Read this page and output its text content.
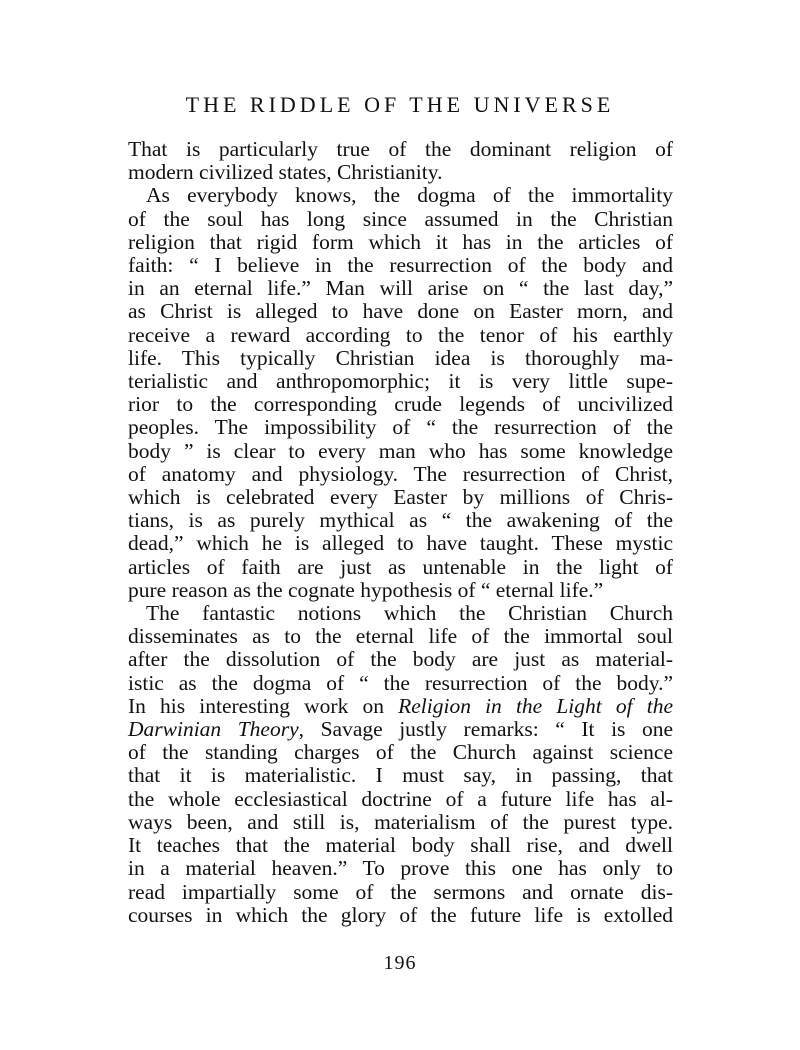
THE RIDDLE OF THE UNIVERSE
That is particularly true of the dominant religion of
modern civilized states, Christianity.
As everybody knows, the dogma of the immortality
of the soul has long since assumed in the Christian
religion that rigid form which it has in the articles of
faith: “ I believe in the resurrection of the body and
in an eternal life.” Man will arise on “ the last day,”
as Christ is alleged to have done on Easter morn, and
receive a reward according to the tenor of his earthly
life. This typically Christian idea is thoroughly ma-
terialistic and anthropomorphic; it is very little supe-
rior to the corresponding crude legends of uncivilized
peoples. The impossibility of “ the resurrection of the
body ” is clear to every man who has some knowledge
of anatomy and physiology. The resurrection of Christ,
which is celebrated every Easter by millions of Chris-
tians, is as purely mythical as “ the awakening of the
dead,” which he is alleged to have taught. These mystic
articles of faith are just as untenable in the light of
pure reason as the cognate hypothesis of “ eternal life.”
The fantastic notions which the Christian Church
disseminates as to the eternal life of the immortal soul
after the dissolution of the body are just as material-
istic as the dogma of “ the resurrection of the body.”
In his interesting work on Religion in the Light of the
Darwinian Theory, Savage justly remarks: “ It is one
of the standing charges of the Church against science
that it is materialistic. I must say, in passing, that
the whole ecclesiastical doctrine of a future life has al-
ways been, and still is, materialism of the purest type.
It teaches that the material body shall rise, and dwell
in a material heaven.” To prove this one has only to
read impartially some of the sermons and ornate dis-
courses in which the glory of the future life is extolled
196
